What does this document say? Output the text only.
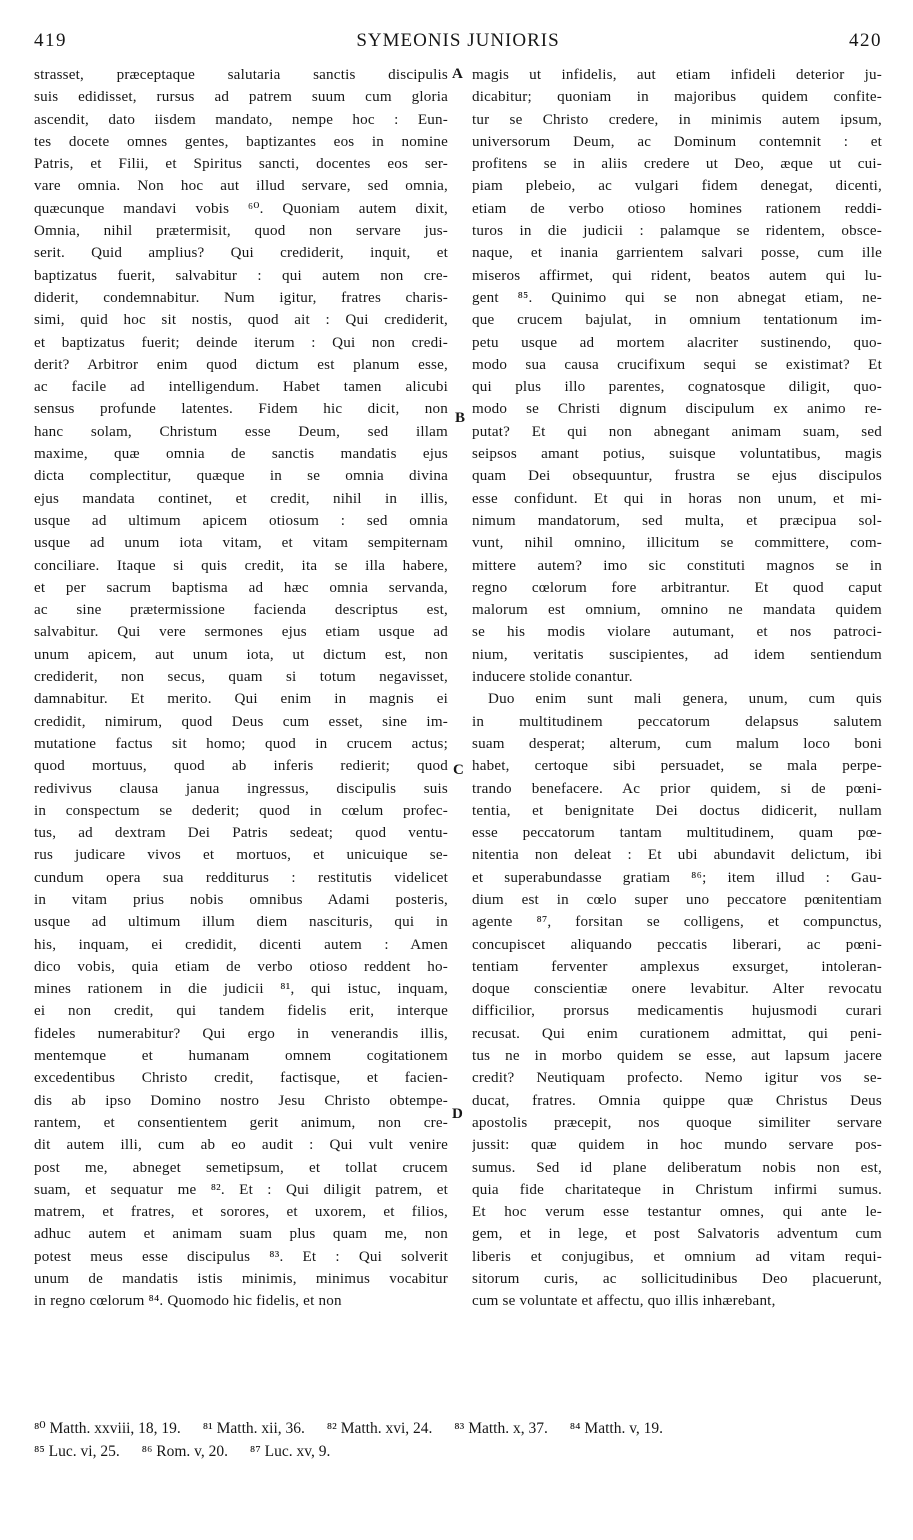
419	SYMEONIS JUNIORIS	420
strasset, præceptaque salutaria sanctis discipulis
suis edidisset, rursus ad patrem suum cum gloria
ascendit, dato iisdem mandato, nempe hoc : Eun-
tes docete omnes gentes, baptizantes eos in nomine
Patris, et Filii, et Spiritus sancti, docentes eos ser-
vare omnia. Non hoc aut illud servare, sed omnia,
quæcunque mandavi vobis ⁶⁰. Quoniam autem dixit,
Omnia, nihil prætermisit, quod non servare jus-
serit. Quid amplius? Qui crediderit, inquit, et
baptizatus fuerit, salvabitur : qui autem non cre-
diderit, condemnabitur. Num igitur, fratres charis-
simi, quid hoc sit nostis, quod ait : Qui crediderit,
et baptizatus fuerit; deinde iterum : Qui non credi-
derit? Arbitror enim quod dictum est planum esse,
ac facile ad intelligendum. Habet tamen alicubi
sensus profunde latentes. Fidem hic dicit, non
hanc solam, Christum esse Deum, sed illam
maxime, quæ omnia de sanctis mandatis ejus
dicta complectitur, quæque in se omnia divina
ejus mandata continet, et credit, nihil in illis,
usque ad ultimum apicem otiosum : sed omnia
usque ad unum iota vitam, et vitam sempiternam
conciliare. Itaque si quis credit, ita se illa habere,
et per sacrum baptisma ad hæc omnia servanda,
ac sine prætermissione facienda descriptus est,
salvabitur. Qui vere sermones ejus etiam usque ad
unum apicem, aut unum iota, ut dictum est, non
crediderit, non secus, quam si totum negavisset,
damnabitur. Et merito. Qui enim in magnis ei
credidit, nimirum, quod Deus cum esset, sine im-
mutatione factus sit homo; quod in crucem actus;
quod mortuus, quod ab inferis redierit; quod
redivivus clausa janua ingressus, discipulis suis
in conspectum se dederit; quod in cœlum profec-
tus, ad dextram Dei Patris sedeat; quod ventu-
rus judicare vivos et mortuos, et unicuique se-
cundum opera sua redditurus : restitutis videlicet
in vitam prius nobis omnibus Adami posteris,
usque ad ultimum illum diem nascituris, qui in
his, inquam, ei credidit, dicenti autem : Amen
dico vobis, quia etiam de verbo otioso reddent ho-
mines rationem in die judicii ⁸¹, qui istuc, inquam,
ei non credit, qui tandem fidelis erit, interque
fideles numerabitur? Qui ergo in venerandis illis,
mentemque et humanam omnem cogitationem
excedentibus Christo credit, factisque, et facien-
dis ab ipso Domino nostro Jesu Christo obtempe-
rantem, et consentientem gerit animum, non cre-
dit autem illi, cum ab eo audit : Qui vult venire
post me, abneget semetipsum, et tollat crucem
suam, et sequatur me ⁸². Et : Qui diligit patrem, et
matrem, et fratres, et sorores, et uxorem, et filios,
adhuc autem et animam suam plus quam me, non
potest meus esse discipulus ⁸³. Et : Qui solverit
unum de mandatis istis minimis, minimus vocabitur
in regno cœlorum ⁸⁴. Quomodo hic fidelis, et non
magis ut infidelis, aut etiam infideli deterior ju-
dicabitur; quoniam in majoribus quidem confite-
tur se Christo credere, in minimis autem ipsum,
universorum Deum, ac Dominum contemnit : et
profitens se in aliis credere ut Deo, æque ut cui-
piam plebeio, ac vulgari fidem denegat, dicenti,
etiam de verbo otioso homines rationem reddi-
turos in die judicii : palamque se ridentem, obsce-
naque, et inania garrientem salvari posse, cum ille
miseros affirmet, qui rident, beatos autem qui lu-
gent ⁸⁵. Quinimo qui se non abnegat etiam, ne-
que crucem bajulat, in omnium tentationum im-
petu usque ad mortem alacriter sustinendo, quo-
modo sua causa crucifixum sequi se existimat? Et
qui plus illo parentes, cognatosque diligit, quo-
modo se Christi dignum discipulum ex animo re-
putat? Et qui non abnegant animam suam, sed
seipsos amant potius, suisque voluntatibus, magis
quam Dei obsequuntur, frustra se ejus discipulos
esse confidunt. Et qui in horas non unum, et mi-
nimum mandatorum, sed multa, et præcipua sol-
vunt, nihil omnino, illicitum se committere, com-
mittere autem? imo sic constituti magnos se in
regno cœlorum fore arbitrantur. Et quod caput
malorum est omnium, omnino ne mandata quidem
se his modis violare autumant, et nos patroci-
nium, veritatis suscipientes, ad idem sentiendum
inducere stolide conantur.
Duo enim sunt mali genera, unum, cum quis
in multitudinem peccatorum delapsus salutem
suam desperat; alterum, cum malum loco boni
habet, certoque sibi persuadet, se mala perpe-
trando benefacere. Ac prior quidem, si de pœni-
tentia, et benignitate Dei doctus didicerit, nullam
esse peccatorum tantam multitudinem, quam pœ-
nitentia non deleat : Et ubi abundavit delictum, ibi
et superabundasse gratiam ⁸⁶; item illud : Gau-
dium est in cœlo super uno peccatore pœnitentiam
agente ⁸⁷, forsitan se colligens, et compunctus,
concupiscet aliquando peccatis liberari, ac pœni-
tentiam ferventer amplexus exsurget, intoleran-
doque conscientiæ onere levabitur. Alter revocatu
difficilior, prorsus medicamentis hujusmodi curari
recusat. Qui enim curationem admittat, qui peni-
tus ne in morbo quidem se esse, aut lapsum jacere
credit? Neutiquam profecto. Nemo igitur vos se-
ducat, fratres. Omnia quippe quæ Christus Deus
apostolis præcepit, nos quoque similiter servare
jussit: quæ quidem in hoc mundo servare pos-
sumus. Sed id plane deliberatum nobis non est,
quia fide charitateque in Christum infirmi sumus.
Et hoc verum esse testantur omnes, qui ante le-
gem, et in lege, et post Salvatoris adventum cum
liberis et conjugibus, et omnium ad vitam requi-
sitorum curis, ac sollicitudinibus Deo placuerunt,
cum se voluntate et affectu, quo illis inhærebant,
A
B
C
D
⁸⁰ Matth. xxviii, 18, 19. ⁸¹ Matth. xii, 36. ⁸² Matth. xvi, 24. ⁸³ Matth. x, 37. ⁸⁴ Matth. v, 19.
⁸⁵ Luc. vi, 25. ⁸⁶ Rom. v, 20. ⁸⁷ Luc. xv, 9.
